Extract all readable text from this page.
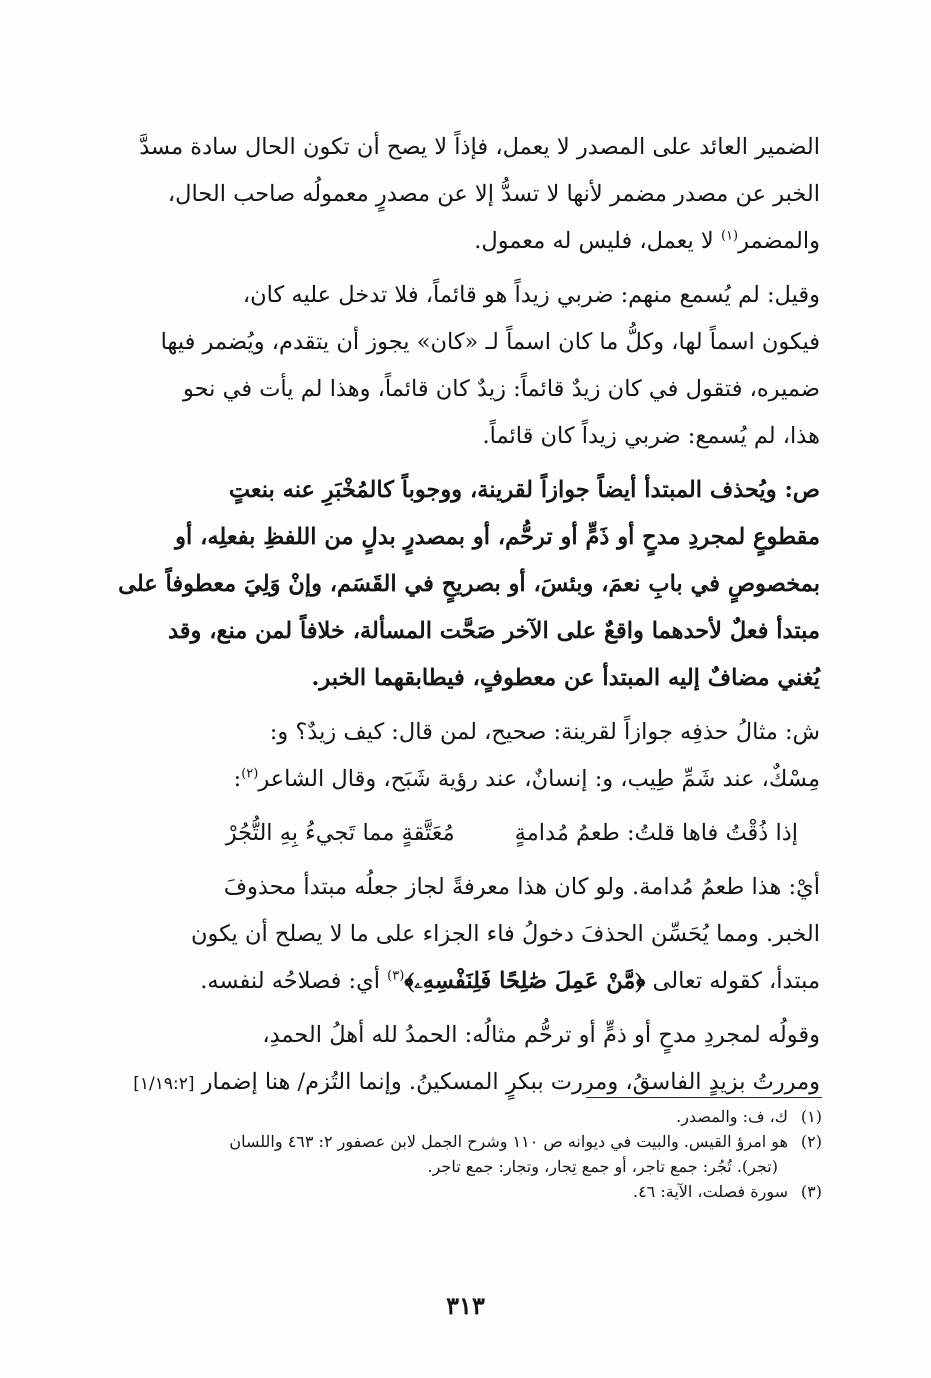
الضمير العائد على المصدر لا يعمل، فإذاً لا يصح أن تكون الحال سادة مسدَّ
الخبر عن مصدر مضمر لأنها لا تسدُّ إلا عن مصدرٍ معمولُه صاحب الحال،
والمضمر$^{(١)}$ لا يعمل، فليس له معمول.

وقيل: لم يُسمع منهم: ضربي زيداً هو قائماً، فلا تدخل عليه كان،
فيكون اسماً لها، وكلُّ ما كان اسماً لـ «كان» يجوز أن يتقدم، ويُضمر فيها
ضميره، فتقول في كان زيدٌ قائماً: زيدٌ كان قائماً، وهذا لم يأت في نحو
هذا، لم يُسمع: ضربي زيداً كان قائماً.

ص: ويُحذف المبتدأ أيضاً جوازاً لقرينة، ووجوباً كالمُخْبَرِ عنه بنعتٍ
مقطوعٍ لمجردِ مدحٍ أو ذَمٍّ أو ترحُّم، أو بمصدرٍ بدلٍ من اللفظِ بفعلِه، أو
بمخصوصٍ في بابِ نعمَ، وبئسَ، أو بصريحٍ في القَسَم، وإنْ وَلِيَ معطوفاً على
مبتدأ فعلٌ لأحدهما واقعٌ على الآخر صَحَّت المسألة، خلافاً لمن منع، وقد
يُغني مضافٌ إليه المبتدأ عن معطوفٍ، فيطابقهما الخبر.

ش: مثالُ حذفِه جوازاً لقرينة: صحيح، لمن قال: كيف زيدٌ؟ و:
مِسْكٌ، عند شَمِّ طِيب، و: إنسانٌ، عند رؤية شَبَح، وقال الشاعر$^{(٢)}$:

إذا ذُقْتُ فاها قلتُ: طعمُ مُدامةٍ
مُعَتَّقةٍ مما تَجيءُ بِهِ التُّجُرْ

أيْ: هذا طعمُ مُدامة. ولو كان هذا معرفةً لجاز جعلُه مبتدأ محذوفَ
الخبر. ومما يُحَسِّن الحذفَ دخولُ فاء الجزاء على ما لا يصلح أن يكون
مبتدأ، كقوله تعالى ﴿مَّنْ عَمِلَ صَٰلِحًا فَلِنَفْسِهِۦ﴾$^{(٣)}$ أي: فصلاحُه لنفسه.

وقولُه لمجردِ مدحٍ أو ذمٍّ أو ترحُّم مثالُه: الحمدُ لله أهلُ الحمدِ،
ومررتُ بزيدٍ الفاسقُ، ومررت ببكرٍ المسكينُ. وإنما التُزم/ هنا إضمار [١/١٩:٢]

(١)ك، ف: والمصدر.

(٢)هو امرؤ القيس. والبيت في ديوانه ص ١١٠ وشرح الجمل لابن عصفور ٢: ٤٦٣ واللسان

(تجر). تُجُر: جمع تاجر، أو جمع تِجار، وتجار: جمع تاجر.

(٣)سورة فصلت، الآية: ٤٦.

٣١٣
